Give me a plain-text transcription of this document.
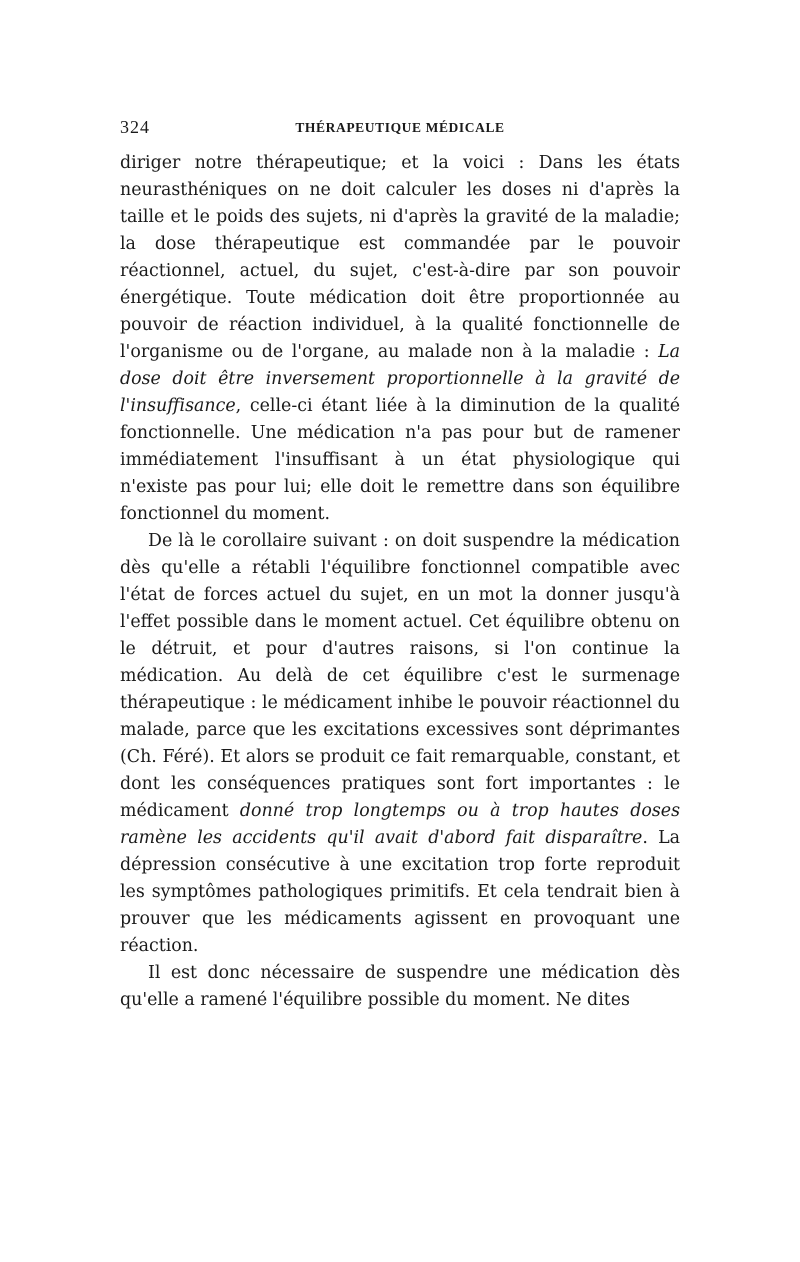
324	THÉRAPEUTIQUE MÉDICALE

diriger notre thérapeutique; et la voici : Dans les états neurasthéniques on ne doit calculer les doses ni d'après la taille et le poids des sujets, ni d'après la gravité de la maladie; la dose thérapeutique est commandée par le pouvoir réactionnel, actuel, du sujet, c'est-à-dire par son pouvoir énergétique. Toute médication doit être proportionnée au pouvoir de réaction individuel, à la qualité fonctionnelle de l'organisme ou de l'organe, au malade non à la maladie : La dose doit être inversement proportionnelle à la gravité de l'insuffisance, celle-ci étant liée à la diminution de la qualité fonctionnelle. Une médication n'a pas pour but de ramener immédiatement l'insuffisant à un état physiologique qui n'existe pas pour lui; elle doit le remettre dans son équilibre fonctionnel du moment.

De là le corollaire suivant : on doit suspendre la médication dès qu'elle a rétabli l'équilibre fonctionnel compatible avec l'état de forces actuel du sujet, en un mot la donner jusqu'à l'effet possible dans le moment actuel. Cet équilibre obtenu on le détruit, et pour d'autres raisons, si l'on continue la médication. Au delà de cet équilibre c'est le surmenage thérapeutique : le médicament inhibe le pouvoir réactionnel du malade, parce que les excitations excessives sont déprimantes (Ch. Féré). Et alors se produit ce fait remarquable, constant, et dont les conséquences pratiques sont fort importantes : le médicament donné trop longtemps ou à trop hautes doses ramène les accidents qu'il avait d'abord fait disparaître. La dépression consécutive à une excitation trop forte reproduit les symptômes pathologiques primitifs. Et cela tendrait bien à prouver que les médicaments agissent en provoquant une réaction.

Il est donc nécessaire de suspendre une médication dès qu'elle a ramené l'équilibre possible du moment. Ne dites
